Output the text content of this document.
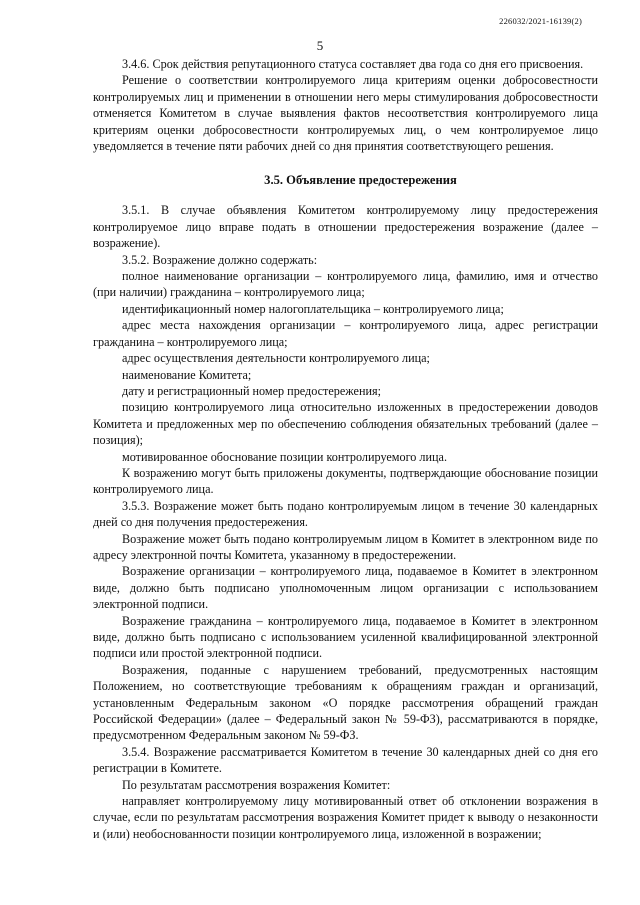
226032/2021-16139(2)
5

3.4.6. Срок действия репутационного статуса составляет два года со дня его присвоения.

Решение о соответствии контролируемого лица критериям оценки добросовестности контролируемых лиц и применении в отношении него меры стимулирования добросовестности отменяется Комитетом в случае выявления фактов несоответствия контролируемого лица критериям оценки добросовестности контролируемых лиц, о чем контролируемое лицо уведомляется в течение пяти рабочих дней со дня принятия соответствующего решения.

3.5. Объявление предостережения

3.5.1. В случае объявления Комитетом контролируемому лицу предостережения контролируемое лицо вправе подать в отношении предостережения возражение (далее – возражение).

3.5.2. Возражение должно содержать:

полное наименование организации – контролируемого лица, фамилию, имя и отчество (при наличии) гражданина – контролируемого лица;

идентификационный номер налогоплательщика – контролируемого лица;

адрес места нахождения организации – контролируемого лица, адрес регистрации гражданина – контролируемого лица;

адрес осуществления деятельности контролируемого лица;

наименование Комитета;

дату и регистрационный номер предостережения;

позицию контролируемого лица относительно изложенных в предостережении доводов Комитета и предложенных мер по обеспечению соблюдения обязательных требований (далее – позиция);

мотивированное обоснование позиции контролируемого лица.

К возражению могут быть приложены документы, подтверждающие обоснование позиции контролируемого лица.

3.5.3. Возражение может быть подано контролируемым лицом в течение 30 календарных дней со дня получения предостережения.

Возражение может быть подано контролируемым лицом в Комитет в электронном виде по адресу электронной почты Комитета, указанному в предостережении.

Возражение организации – контролируемого лица, подаваемое в Комитет в электронном виде, должно быть подписано уполномоченным лицом организации с использованием электронной подписи.

Возражение гражданина – контролируемого лица, подаваемое в Комитет в электронном виде, должно быть подписано с использованием усиленной квалифицированной электронной подписи или простой электронной подписи.

Возражения, поданные с нарушением требований, предусмотренных настоящим Положением, но соответствующие требованиям к обращениям граждан и организаций, установленным Федеральным законом «О порядке рассмотрения обращений граждан Российской Федерации» (далее – Федеральный закон № 59-ФЗ), рассматриваются в порядке, предусмотренном Федеральным законом № 59-ФЗ.

3.5.4. Возражение рассматривается Комитетом в течение 30 календарных дней со дня его регистрации в Комитете.

По результатам рассмотрения возражения Комитет:

направляет контролируемому лицу мотивированный ответ об отклонении возражения в случае, если по результатам рассмотрения возражения Комитет придет к выводу о незаконности и (или) необоснованности позиции контролируемого лица, изложенной в возражении;
